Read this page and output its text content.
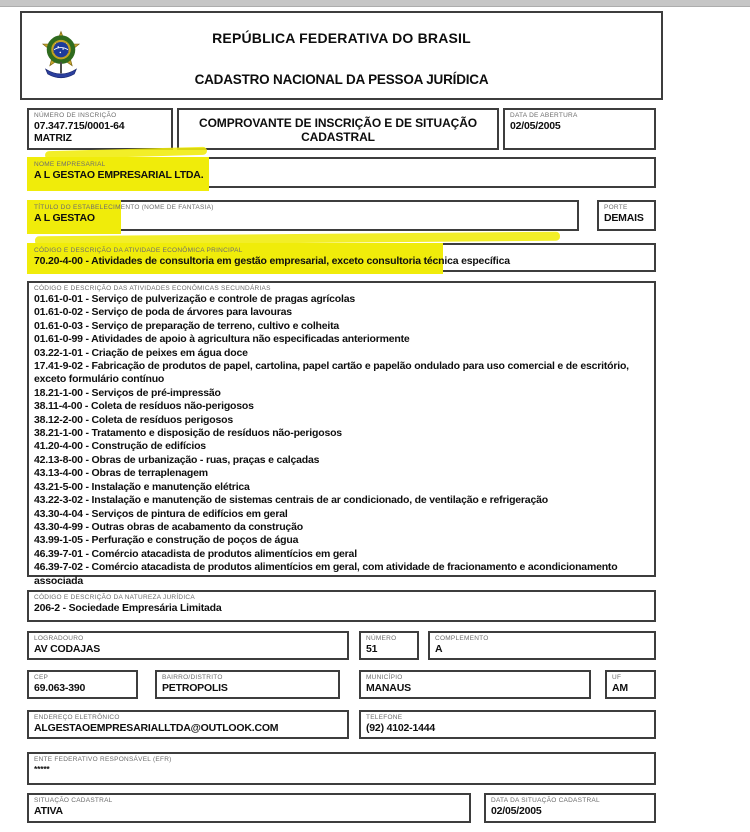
REPÚBLICA FEDERATIVA DO BRASIL
CADASTRO NACIONAL DA PESSOA JURÍDICA
NÚMERO DE INSCRIÇÃO
07.347.715/0001-64
MATRIZ
COMPROVANTE DE INSCRIÇÃO E DE SITUAÇÃO CADASTRAL
DATA DE ABERTURA
02/05/2005
NOME EMPRESARIAL
A L GESTAO EMPRESARIAL LTDA.
TÍTULO DO ESTABELECIMENTO (NOME DE FANTASIA)
A L GESTAO
PORTE
DEMAIS
CÓDIGO E DESCRIÇÃO DA ATIVIDADE ECONÔMICA PRINCIPAL
70.20-4-00 - Atividades de consultoria em gestão empresarial, exceto consultoria técnica específica
CÓDIGO E DESCRIÇÃO DAS ATIVIDADES ECONÔMICAS SECUNDÁRIAS
01.61-0-01 - Serviço de pulverização e controle de pragas agrícolas
01.61-0-02 - Serviço de poda de árvores para lavouras
01.61-0-03 - Serviço de preparação de terreno, cultivo e colheita
01.61-0-99 - Atividades de apoio à agricultura não especificadas anteriormente
03.22-1-01 - Criação de peixes em água doce
17.41-9-02 - Fabricação de produtos de papel, cartolina, papel cartão e papelão ondulado para uso comercial e de escritório, exceto formulário contínuo
18.21-1-00 - Serviços de pré-impressão
38.11-4-00 - Coleta de resíduos não-perigosos
38.12-2-00 - Coleta de resíduos perigosos
38.21-1-00 - Tratamento e disposição de resíduos não-perigosos
41.20-4-00 - Construção de edifícios
42.13-8-00 - Obras de urbanização - ruas, praças e calçadas
43.13-4-00 - Obras de terraplenagem
43.21-5-00 - Instalação e manutenção elétrica
43.22-3-02 - Instalação e manutenção de sistemas centrais de ar condicionado, de ventilação e refrigeração
43.30-4-04 - Serviços de pintura de edifícios em geral
43.30-4-99 - Outras obras de acabamento da construção
43.99-1-05 - Perfuração e construção de poços de água
46.39-7-01 - Comércio atacadista de produtos alimentícios em geral
46.39-7-02 - Comércio atacadista de produtos alimentícios em geral, com atividade de fracionamento e acondicionamento associada
CÓDIGO E DESCRIÇÃO DA NATUREZA JURÍDICA
206-2 - Sociedade Empresária Limitada
LOGRADOURO
AV CODAJAS
NÚMERO
51
COMPLEMENTO
A
CEP
69.063-390
BAIRRO/DISTRITO
PETROPOLIS
MUNICÍPIO
MANAUS
UF
AM
ENDEREÇO ELETRÔNICO
ALGESTAOEMPRESARIALLTDA@OUTLOOK.COM
TELEFONE
(92) 4102-1444
ENTE FEDERATIVO RESPONSÁVEL (EFR)
*****
SITUAÇÃO CADASTRAL
ATIVA
DATA DA SITUAÇÃO CADASTRAL
02/05/2005
